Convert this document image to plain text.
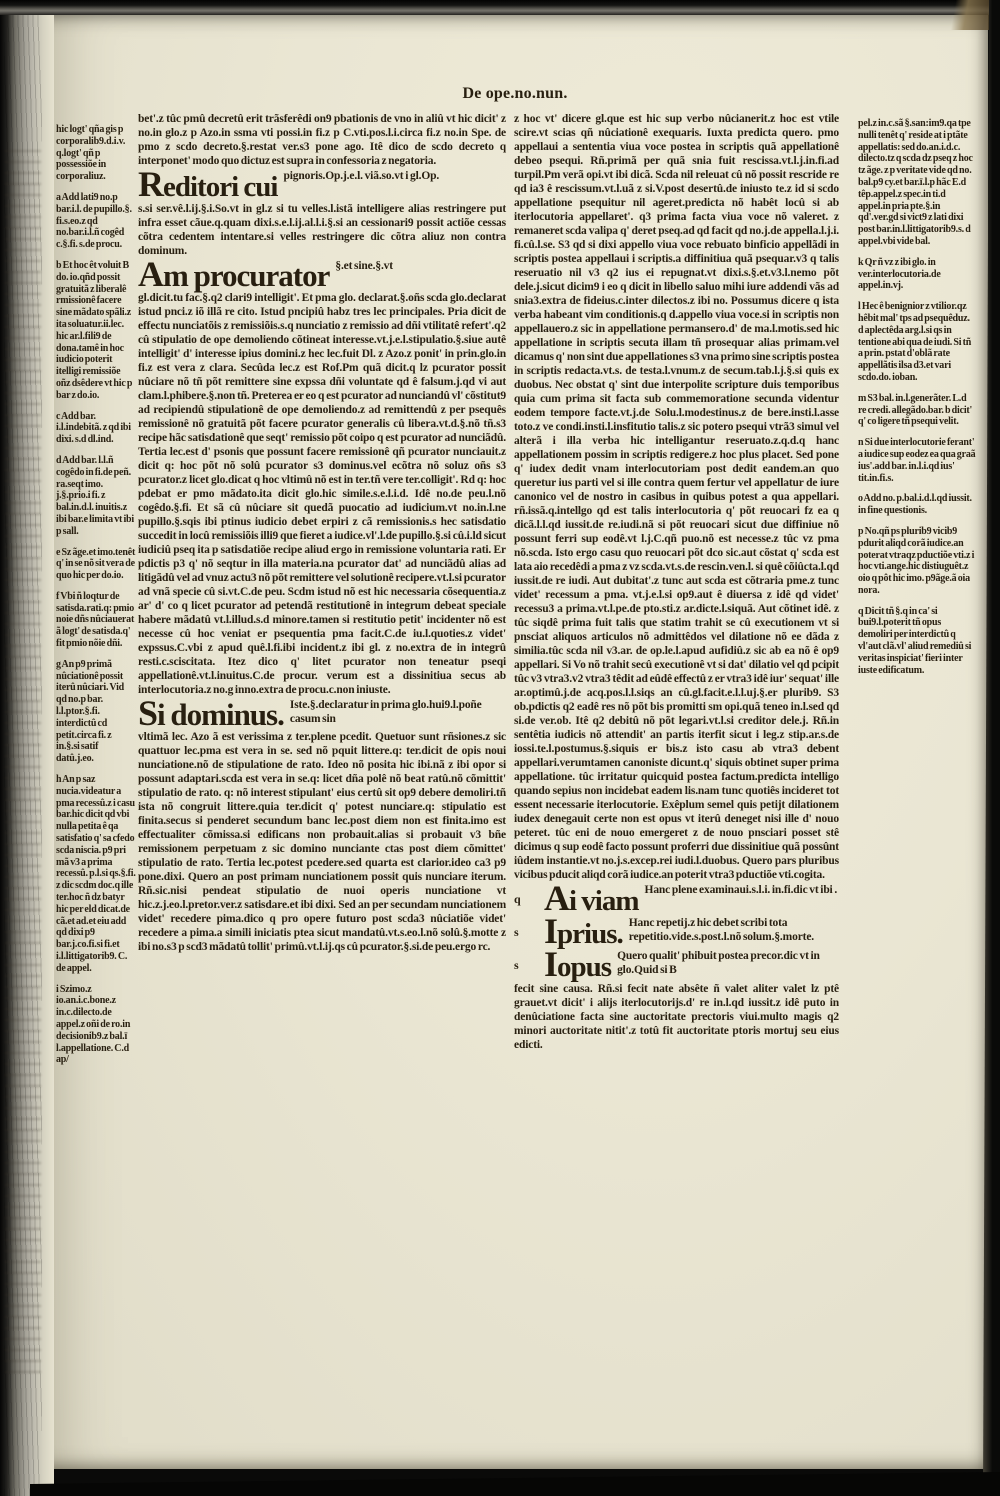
De ope.no.nun.

hic logt' qña gis p corporalib9.d.i.v. q.logt' qñ p possessiõe in corporaliuz.

a Add lati9 no.p bar.i.l. de pupillo.§. fi.s.eo.z qd no.bar.i.l.ñ cogêd c.§.fi. s.de procu.

b Et hoc êt voluit B do. io.qñd possit gratuitã z liberalê rmissionê facere sine mãdato spãli.z ita soluatur.ii.lec. hic ar.l.fili9 de dona.tamê in hoc iudicio poterit itelligi remissiõe oñz dsêdere vt hic p bar z do.io.

c Add bar. i.l.indebitã. z qd ibi dixi. s.d dl.ind.

d Add bar. l.l.ñ cogêdo in fi.de peñ. ra.seqt imo. j.§.prio.i fi. z bal.in.d.l. inuitis.z ibi bar.e limita vt ibi p sall.

e Sz ãge.et imo.tenêt q' in se nõ sit vera de quo hic per do.io.

f Vbi ñ loqtur de satisda.rati.q: pmio noie dñs nûciauerat ã logt' de satisda.q' fit pmio nõie dñi.

g An p9 primã nûciationê possit iterû nûciari. Vid qd no.p bar. l.l.ptor.§.fi. interdictû cd petit.circa fi. z in.§.si satif datû.j.eo.

h An p saz nucia.videatur a pma recessû.z i casu bar.hic dicit qd vbi nulla petita ê qa satisfatio q' sa cfedo scda niscia. p9 pri mã v3 a prima recessû. p.l.si qs.§.fi. z dic scdm doc.q ille ter.hoc ñ dz batyr hic per eld dicat.de cã.et ad.et eiu add qd dixi p9 bar.j.co.fi.si fi.et i.l.littigatorib9. C. de appel.

i Szimo.z io.an.i.c.bone.z in.c.dilecto.de appel.z oñi de ro.in decisionib9.z bal.ī l.appellatione. C.d ap/

bet'.z tûc pmû decretû erit trãsferêdi on9 pbationis de vno in aliû vt hic dicit' z no.in glo.z p Azo.in ssma vti possi.in fi.z p C.vti.pos.l.i.circa fi.z no.in Spe. de pmo z scdo decreto.§.restat ver.s3 pone ago. Itê dico de scdo decreto q interponet' modo quo dictuz est supra in confessoria z negatoria.

Reditori cui pignoris.Op.j.e.l. viã.so.vt i gl.Op.

s.si ser.vê.l.ij.§.i.So.vt in gl.z si tu velles.l.istã intelligere alias restringere put infra esset cãue.q.quam dixi.s.e.l.ij.al.l.i.§.si an cessionari9 possit actiõe cessas cõtra cedentem intentare.si velles restringere dic cõtra aliuz non contra dominum.

Am procurator §.et sine.§.vt

gl.dicit.tu fac.§.q2 clari9 intelligit'. Et pma glo. declarat.§.oñs scda glo.declarat istud pnci.z iõ illã re cito. Istud pncipiû habz tres lec principales. Pria dicit de effectu nunciatõis z remissiõis.s.q nunciatio z remissio ad dñi vtilitatê refert'.q2 cû stipulatio de ope demoliendo cõtineat interesse.vt.j.e.l.stipulatio.§.siue autê intelligit' d' interesse ipius domini.z hec lec.fuit Dl. z Azo.z ponit' in prin.glo.in fi.z est vera z clara. Secûda lec.z est Rof.Pm quã dicit.q lz pcurator possit nûciare nõ tñ põt remittere sine expssa dñi voluntate qd ê falsum.j.qd vi aut clam.l.phibere.§.non tñ. Preterea er eo q est pcurator ad nunciandû vl' cõstitut9 ad recipiendû stipulationê de ope demoliendo.z ad remittendû z per psequês remissionê nõ gratuitã põt facere pcurator generalis cû libera.vt.d.§.nõ tñ.s3 recipe hãc satisdationê que seqt' remissio põt coipo q est pcurator ad nunciãdû. Tertia lec.est d' psonis que possunt facere remissionê qñ pcurator nunciauit.z dicit q: hoc põt nõ solû pcurator s3 dominus.vel ecõtra nõ soluz oñs s3 pcurator.z licet glo.dicat q hoc vltimû nõ est in ter.tñ vere ter.colligit'. Rd q: hoc pdebat er pmo mãdato.ita dicit glo.hic simile.s.e.l.i.d. Idê no.de peu.l.nõ cogêdo.§.fi. Et sã cû nûciare sit quedã puocatio ad iudicium.vt no.in.l.ne pupillo.§.sqis ibi ptinus iudicio debet erpiri z cã remissionis.s hec satisdatio succedit in locû remissiõis illi9 que fieret a iudice.vl'.l.de pupillo.§.si cû.i.ld sicut iudiciû pseq ita p satisdatiõe recipe aliud ergo in remissione voluntaria rati. Er pdictis p3 q' nõ seqtur in illa materia.na pcurator dat' ad nunciãdû alias ad litigãdû vel ad vnuz actu3 nõ põt remittere vel solutionê recipere.vt.l.si pcurator ad vnã specie cû si.vt.C.de peu. Scdm istud nõ est hic necessaria cõsequentia.z ar' d' co q licet pcurator ad petendã restitutionê in integrum debeat speciale habere mãdatû vt.l.illud.s.d minore.tamen si restitutio petit' incidenter nõ est necesse cû hoc veniat er psequentia pma facit.C.de iu.l.quoties.z videt' expssus.C.vbi z apud quê.l.fi.ibi incident.z ibi gl. z no.extra de in integrû resti.c.sciscitata. Itez dico q' litet pcurator non teneatur pseqi appellationê.vt.l.inuitus.C.de procur. verum est a dissinitiua secus ab interlocutoria.z no.g inno.extra de procu.c.non iniuste.

Si dominus. Iste.§.declaratur in prima glo.hui9.l.poñe casum sin

vltimã lec. Azo ã est verissima z ter.plene pcedit. Quetuor sunt rñsiones.z sic quattuor lec.pma est vera in se. sed nõ pquit littere.q: ter.dicit de opis noui nunciatione.nõ de stipulatione de rato. Ideo nõ posita hic ibi.nã z ibi opor si possunt adaptari.scda est vera in se.q: licet dña polê nõ beat ratû.nõ cõmittit' stipulatio de rato. q: nõ interest stipulant' eius certû sit op9 debere demoliri.tñ ista nõ congruit littere.quia ter.dicit q' potest nunciare.q: stipulatio est finita.secus si penderet secundum banc lec.post diem non est finita.imo est effectualiter cõmissa.si edificans non probauit.alias si probauit v3 bñe remissionem perpetuam z sic domino nunciante ctas post diem cõmittet' stipulatio de rato. Tertia lec.potest pcedere.sed quarta est clarior.ideo ca3 p9 pone.dixi. Quero an post primam nunciationem possit quis nunciare iterum. Rñ.sic.nisi pendeat stipulatio de nuoi operis nunciatione vt hic.z.j.eo.l.pretor.ver.z satisdare.et ibi dixi. Sed an per secundam nunciationem videt' recedere pima.dico q pro opere futuro post scda3 nûciatiõe videt' recedere a pima.a simili iniciatis ptea sicut mandatû.vt.s.eo.l.nõ solû.§.motte z ibi no.s3 p scd3 mãdatû tollit' primû.vt.l.ij.qs cû pcurator.§.si.de peu.ergo rc.

z hoc vt' dicere gl.que est hic sup verbo nûcianerit.z hoc est vtile scire.vt scias qñ nûciationê exequaris. Iuxta predicta quero. pmo appellaui a sententia viua voce postea in scriptis quã appellationê debeo psequi. Rñ.primã per quã snia fuit rescissa.vt.l.j.in.fi.ad turpil.Pm verã opi.vt ibi dicã. Scda nil releuat cû nõ possit rescride re qd ia3 ê rescissum.vt.l.uã z si.V.post desertû.de iniusto te.z id si scdo appellatione psequitur nil ageret.predicta nõ habêt locû si ab iterlocutoria appellaret'. q3 prima facta viua voce nõ valeret. z remaneret scda valipa q' deret pseq.ad qd facit qd no.j.de appella.l.j.i. fi.cû.l.se. S3 qd si dixi appello viua voce rebuato binficio appellãdi in scriptis postea appellaui i scriptis.a diffinitiua quã psequar.v3 q talis reseruatio nil v3 q2 ius ei repugnat.vt dixi.s.§.et.v3.l.nemo põt dele.j.sicut dicim9 i eo q dicit in libello saluo mihi iure addendi vãs ad snia3.extra de fideius.c.inter dilectos.z ibi no. Possumus dicere q ista verba habeant vim conditionis.q d.appello viua voce.si in scriptis non appellauero.z sic in appellatione permansero.d' de ma.l.motis.sed hic appellatione in scriptis secuta illam tñ prosequar alias primam.vel dicamus q' non sint due appellationes s3 vna primo sine scriptis postea in scriptis redacta.vt.s. de testa.l.vnum.z de secum.tab.l.j.§.si quis ex duobus. Nec obstat q' sint due interpolite scripture duis temporibus quia cum prima sit facta sub commemoratione secunda videntur eodem tempore facte.vt.j.de Solu.l.modestinus.z de bere.insti.l.asse toto.z ve condi.insti.l.insfitutio talis.z sic potero psequi vtrã3 simul vel alterã i illa verba hic intelligantur reseruato.z.q.d.q hanc appellationem possim in scriptis redigere.z hoc plus placet. Sed pone q' iudex dedit vnam interlocutoriam post dedit eandem.an quo queretur ius parti vel si ille contra quem fertur vel appellatur de iure canonico vel de nostro in casibus in quibus potest a qua appellari. rñ.issã.q.intellgo qd est talis interlocutoria q' põt reuocari fz ea q dicã.l.l.qd iussit.de re.iudi.nã si põt reuocari sicut due diffiniue nõ possunt ferri sup eodê.vt l.j.C.qñ puo.nõ est necesse.z tûc vz pma nõ.scda. Isto ergo casu quo reuocari põt dco sic.aut cõstat q' scda est lata aio recedêdi a pma z vz scda.vt.s.de rescin.ven.l. si quê cõiûcta.l.qd iussit.de re iudi. Aut dubitat'.z tunc aut scda est cõtraria pme.z tunc videt' recessum a pma. vt.j.e.l.si op9.aut ê diuersa z idê qd videt' recessu3 a prima.vt.l.pe.de pto.sti.z ar.dicte.l.siquã. Aut cõtinet idê. z tûc siqdê prima fuit talis que statim trahit se cû executionem vt si pnsciat aliquos articulos nõ admittêdos vel dilatione nõ ee dãda z similia.tûc scda nil v3.ar. de op.le.l.apud aufidiû.z sic ab ea nõ ê op9 appellari. Si Vo nõ trahit secû executionê vt si dat' dilatio vel qd pcipit tûc v3 vtra3.v2 vtra3 têdit ad eûdê effectû z er vtra3 idê iur' sequat' ille ar.optimû.j.de acq.pos.l.l.siqs an cû.gl.facit.e.l.l.uj.§.er plurib9. S3 ob.pdictis q2 eadê res nõ põt bis promitti sm opi.quã teneo in.l.sed qd si.de ver.ob. Itê q2 debitû nõ põt legari.vt.l.si creditor dele.j. Rñ.in sentêtia iudicis nõ attendit' an partis iterfit sicut i leg.z stip.ar.s.de iossi.te.l.postumus.§.siquis er bis.z isto casu ab vtra3 debent appellari.verumtamen canoniste dicunt.q' siquis obtinet super prima appellatione. tûc irritatur quicquid postea factum.predicta intelligo quando sepius non incidebat eadem lis.nam tunc quotiês incideret tot essent necessarie iterlocutorie. Exêplum semel quis petijt dilationem iudex denegauit certe non est opus vt iterû deneget nisi ille d' nouo peteret. tûc eni de nouo emergeret z de nouo pnsciari posset stê dicimus q sup eodê facto possunt proferri due dissinitiue quã possûnt iûdem instantie.vt no.j.s.excep.rei iudi.l.duobus. Quero pars pluribus vicibus pducit aliqd corã iudice.an poterit vtra3 pductiõe vti.cogita.

q Ai viam Hanc plene examinaui.s.l.i. in.fi.dic vt ibi .

s Iprius. Hanc repetij.z hic debet scribi tota repetitio.vide.s.post.l.nõ solum.§.morte.

s Iopus Quero qualit' phibuit postea precor.dic vt in glo.Quid si B

fecit sine causa. Rñ.si fecit nate absête ñ valet aliter valet lz ptê grauet.vt dicit' i alijs iterlocutorijs.d' re in.l.qd iussit.z idê puto in denûciatione facta sine auctoritate prectoris viui.multo magis q2 minori auctoritate nitit'.z totû fit auctoritate ptoris mortuj seu eius edicti.

pel.z in.c.sã §.san:im9.qa tpe nulli tenêt q' reside at i ptãte appellatis: sed do.an.i.d.c. dilecto.tz q scda dz pseq z hoc tz ãge. z p veritate vide qd no. bal.p9 cy.et bar.ī.l.p hãc E.d têp.appel.z spec.in ti.d appel.in pria pte.§.in qd'.ver.gd si vict9 z lati dixi post bar.in.l.littigatorib9.s. d appel.vbi vide bal.

k Qr ñ vz z ibi glo. in ver.interlocutoria.de appel.in.vj.

l Hec ê benignior z vtilior.qz hêbit mal' tps ad psequêduz. d aplectêda arg.l.si qs in tentione abi qua de iudi. Si tñ a prin. pstat d'oblã rate appellãtis ilsa d3.et vari scdo.do. ioban.

m S3 bal. in.l.generãter. L.d re credi. allegãdo.bar. b dicit' q' co ligere tñ psequi velit.

n Si due interlocutorie ferant' a iudice sup eodez ea qua graã ius'.add bar. in.l.i.qd ius' tit.in.fi.s.

o Add no. p.bal.i.d.l.qd iussit. in fine questionis.

p No.qñ ps plurib9 vicib9 pdurit aliqd corã iudice.an poterat vtraqz pductiõe vti.z i hoc vti.ange.hic distiuguêt.z oio q pôt hic imo. p9ãge.ã oia nora.

q Dicit tñ §.q in ca' si bui9.l.poterit tñ opus demoliri per interdictû q vl'aut clã.vl' aliud remediû si veritas inspiciat' fieri inter iuste edificatum.
